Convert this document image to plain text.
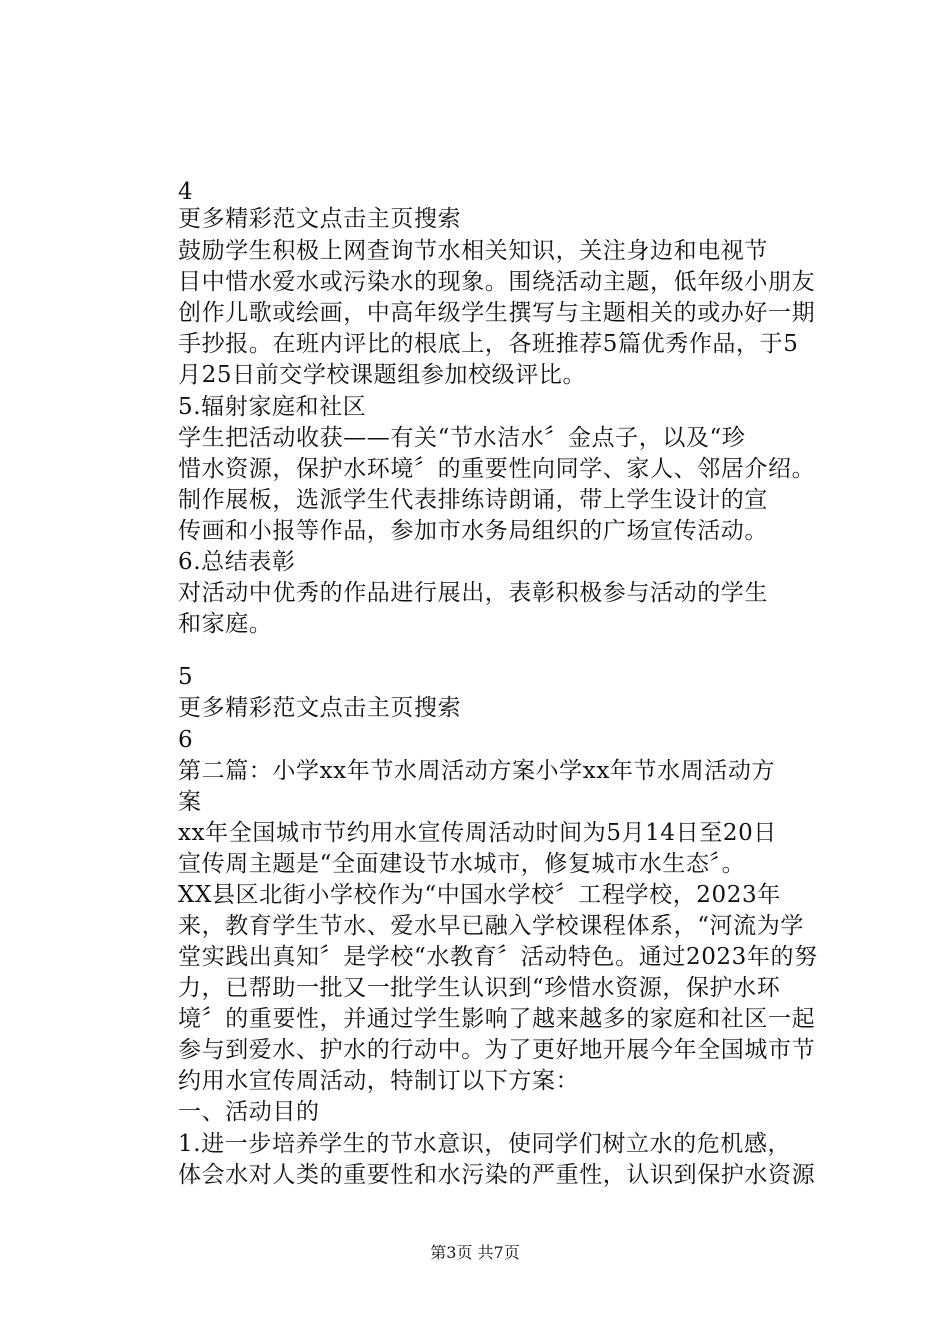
4
更多精彩范文点击主页搜索
鼓励学生积极上网查询节水相关知识，关注身边和电视节
目中惜水爱水或污染水的现象。围绕活动主题，低年级小朋友
创作儿歌或绘画，中高年级学生撰写与主题相关的或办好一期
手抄报。在班内评比的根底上，各班推荐5篇优秀作品，于5
月25日前交学校课题组参加校级评比。
5.辐射家庭和社区
学生把活动收获——有关“节水洁水〞金点子，以及“珍
惜水资源，保护水环境〞的重要性向同学、家人、邻居介绍。
制作展板，选派学生代表排练诗朗诵，带上学生设计的宣
传画和小报等作品，参加市水务局组织的广场宣传活动。
6.总结表彰
对活动中优秀的作品进行展出，表彰积极参与活动的学生
和家庭。
5
更多精彩范文点击主页搜索
6
第二篇：小学xx年节水周活动方案小学xx年节水周活动方
案
xx年全国城市节约用水宣传周活动时间为5月14日至20日
宣传周主题是“全面建设节水城市，修复城市水生态〞。
XX县区北街小学校作为“中国水学校〞工程学校，2023年
来，教育学生节水、爱水早已融入学校课程体系，“河流为学
堂实践出真知〞是学校“水教育〞活动特色。通过2023年的努
力，已帮助一批又一批学生认识到“珍惜水资源，保护水环
境〞的重要性，并通过学生影响了越来越多的家庭和社区一起
参与到爱水、护水的行动中。为了更好地开展今年全国城市节
约用水宣传周活动，特制订以下方案：
一、活动目的
1.进一步培养学生的节水意识，使同学们树立水的危机感，
体会水对人类的重要性和水污染的严重性，认识到保护水资源
第3页 共7页
